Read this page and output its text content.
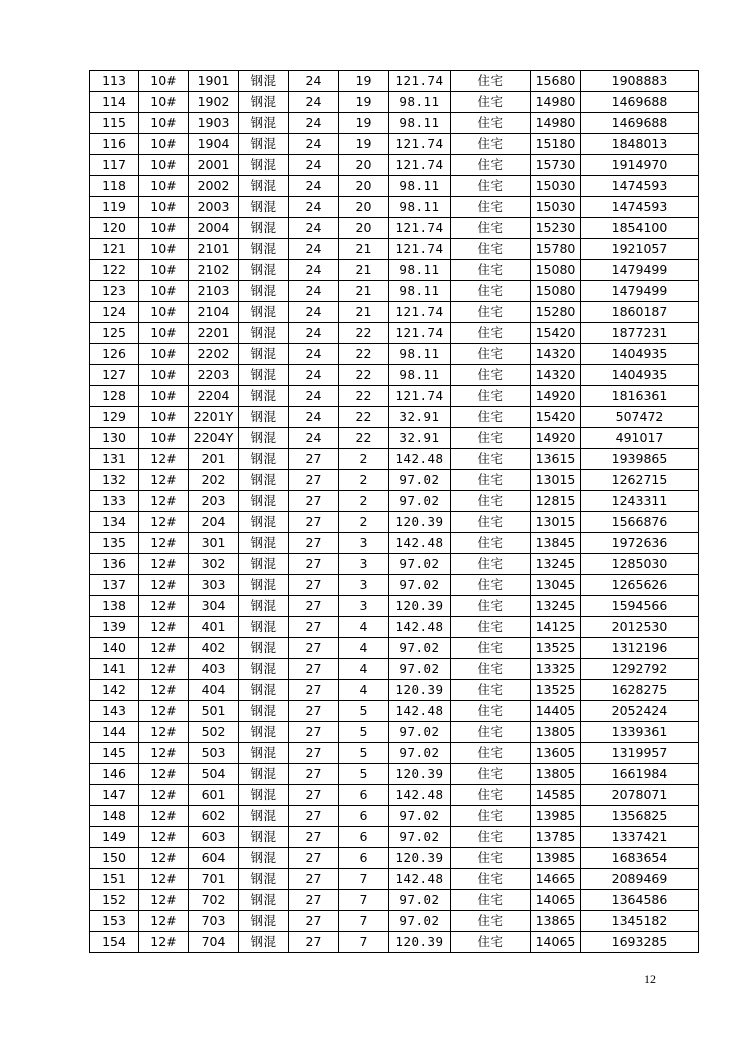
113	10#	1901	钢混	24	19	121.74	住宅	15680	1908883
114	10#	1902	钢混	24	19	98.11	住宅	14980	1469688
115	10#	1903	钢混	24	19	98.11	住宅	14980	1469688
116	10#	1904	钢混	24	19	121.74	住宅	15180	1848013
117	10#	2001	钢混	24	20	121.74	住宅	15730	1914970
118	10#	2002	钢混	24	20	98.11	住宅	15030	1474593
119	10#	2003	钢混	24	20	98.11	住宅	15030	1474593
120	10#	2004	钢混	24	20	121.74	住宅	15230	1854100
121	10#	2101	钢混	24	21	121.74	住宅	15780	1921057
122	10#	2102	钢混	24	21	98.11	住宅	15080	1479499
123	10#	2103	钢混	24	21	98.11	住宅	15080	1479499
124	10#	2104	钢混	24	21	121.74	住宅	15280	1860187
125	10#	2201	钢混	24	22	121.74	住宅	15420	1877231
126	10#	2202	钢混	24	22	98.11	住宅	14320	1404935
127	10#	2203	钢混	24	22	98.11	住宅	14320	1404935
128	10#	2204	钢混	24	22	121.74	住宅	14920	1816361
129	10#	2201Y	钢混	24	22	32.91	住宅	15420	507472
130	10#	2204Y	钢混	24	22	32.91	住宅	14920	491017
131	12#	201	钢混	27	2	142.48	住宅	13615	1939865
132	12#	202	钢混	27	2	97.02	住宅	13015	1262715
133	12#	203	钢混	27	2	97.02	住宅	12815	1243311
134	12#	204	钢混	27	2	120.39	住宅	13015	1566876
135	12#	301	钢混	27	3	142.48	住宅	13845	1972636
136	12#	302	钢混	27	3	97.02	住宅	13245	1285030
137	12#	303	钢混	27	3	97.02	住宅	13045	1265626
138	12#	304	钢混	27	3	120.39	住宅	13245	1594566
139	12#	401	钢混	27	4	142.48	住宅	14125	2012530
140	12#	402	钢混	27	4	97.02	住宅	13525	1312196
141	12#	403	钢混	27	4	97.02	住宅	13325	1292792
142	12#	404	钢混	27	4	120.39	住宅	13525	1628275
143	12#	501	钢混	27	5	142.48	住宅	14405	2052424
144	12#	502	钢混	27	5	97.02	住宅	13805	1339361
145	12#	503	钢混	27	5	97.02	住宅	13605	1319957
146	12#	504	钢混	27	5	120.39	住宅	13805	1661984
147	12#	601	钢混	27	6	142.48	住宅	14585	2078071
148	12#	602	钢混	27	6	97.02	住宅	13985	1356825
149	12#	603	钢混	27	6	97.02	住宅	13785	1337421
150	12#	604	钢混	27	6	120.39	住宅	13985	1683654
151	12#	701	钢混	27	7	142.48	住宅	14665	2089469
152	12#	702	钢混	27	7	97.02	住宅	14065	1364586
153	12#	703	钢混	27	7	97.02	住宅	13865	1345182
154	12#	704	钢混	27	7	120.39	住宅	14065	1693285
12
